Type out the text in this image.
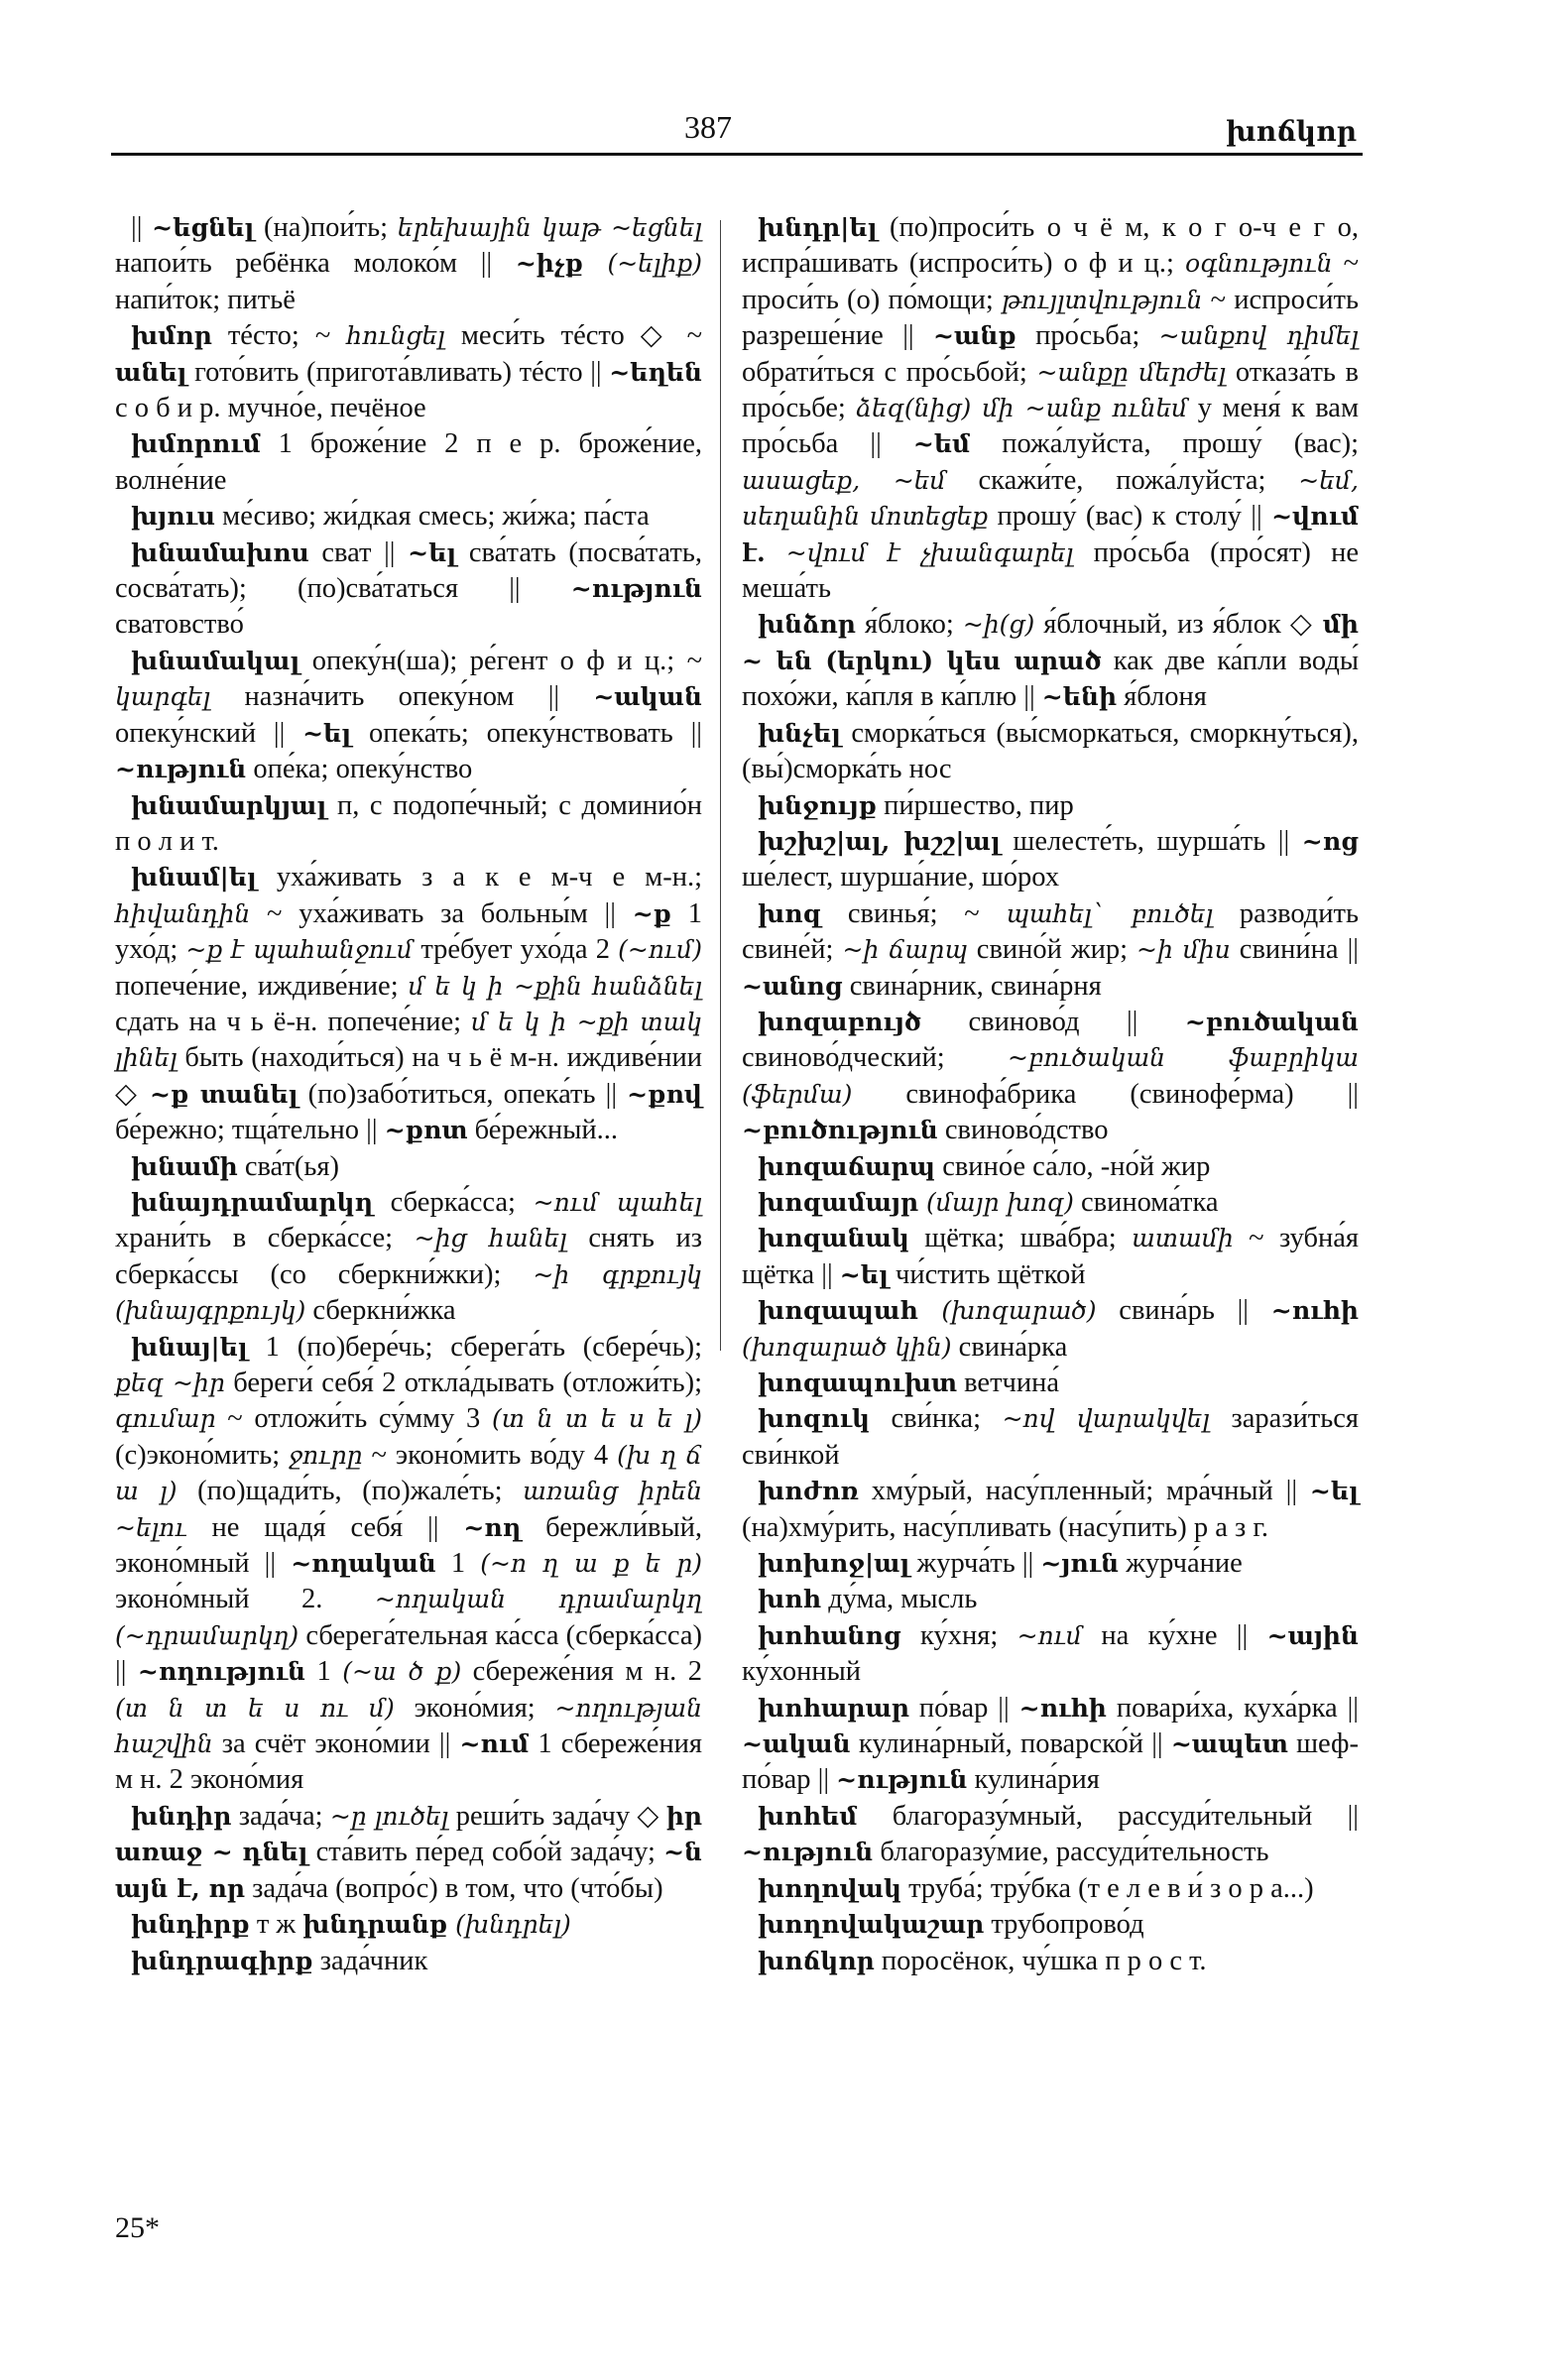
387	խոճկոր

|| ~եցնել (на)пои́ть; երեխային կաթ ~եցնել напои́ть ребёнка молоко́м || ~իչք (~ելիք) напи́ток; питьё

խմոր тéсто; ~ հունցել меси́ть тéсто ◇ ~ անել гото́вить (пригота́вливать) тéсто || ~եղեն с о б и р. мучно́е, печёное

խմորում 1 броже́ние 2 п е р. броже́ние, волне́ние

խյուս ме́сиво; жи́дкая смесь; жи́жа; па́ста

խնամախոս сват || ~ել сва́тать (посва́тать, сосва́тать); (по)сва́таться || ~ություն сватовство́

խնամակալ опеку́н(ша); ре́гент о ф и ц.; ~ կարգել назна́чить опеку́ном || ~ական опеку́нский || ~ել опека́ть; опеку́нствовать || ~ություն опе́ка; опеку́нство

խնամարկյալ п, с подопе́чный; с доминио́н п о л и т.

խնամ|ել уха́живать з а к е м-ч е м-н.; հիվանդին ~ уха́живать за больны́м || ~ք 1 ухо́д; ~ք է պահանջում тре́бует ухо́да 2 (~ում) попече́ние, иждиве́ние; մ ե կ ի ~քին հանձնել сдать на ч ь ё-н. попече́ние; մ ե կ ի ~քի տակ լինել быть (находи́ться) на ч ь ё м-н. иждиве́нии ◇ ~ք տանել (по)забо́титься, опека́ть || ~քով бе́режно; тща́тельно || ~քոտ бе́режный...

խնամի сва́т(ья)

խնայդրամարկղ сберка́сса; ~ում պահել храни́ть в сберка́ссе; ~ից հանել снять из сберка́ссы (со сберкни́жки); ~ի գրքույկ (խնայգրքույկ) сберкни́жка

խնայ|ել 1 (по)бере́чь; сберега́ть (сбере́чь); քեզ ~իր береги́ себя́ 2 откла́дывать (отложи́ть); գումար ~ отложи́ть су́мму 3 (տ ն տ ե ս ե լ) (с)эконо́мить; ջուրը ~ эконо́мить во́ду 4 (խ ղ ճ ա լ) (по)щади́ть, (по)жале́ть; առանց իրեն ~ելու не щадя́ себя́ || ~ող бережли́вый, эконо́мный || ~ողական 1 (~ո ղ ա ք ե ր) эконо́мный 2. ~ողական դրամարկղ (~դրամարկղ) сберега́тельная ка́сса (сберка́сса) || ~ողություն 1 (~ա ծ ք) сбереже́ния м н. 2 (տ ն տ ե ս ու մ) эконо́мия; ~ողության հաշվին за счёт эконо́мии || ~ում 1 сбереже́ния м н. 2 эконо́мия

խնդիր зада́ча; ~ը լուծել реши́ть зада́чу ◇ իր առաջ ~ դնել ста́вить пе́ред собо́й зада́чу; ~ն այն է, որ зада́ча (вопро́с) в том, что (что́бы)

խնդիրք т ж խնդրանք (խնդրել)

խնդրագիրք зада́чник

խնդր|ել (по)проси́ть о ч ё м, к о г о-ч е г о, испра́шивать (испроси́ть) о ф и ц.; օգնություն ~ проси́ть (о) по́мощи; թույլտվություն ~ испроси́ть разреше́ние || ~անք про́сьба; ~անքով դիմել обрати́ться с про́сьбой; ~անքը մերժել отказа́ть в про́сьбе; ձեզ(նից) մի ~անք ունեմ у меня́ к вам про́сьба || ~եմ пожа́луйста, прошу́ (вас); ասացեք, ~եմ скажи́те, пожа́луйста; ~եմ, սեղանին մոտեցեք прошу́ (вас) к столу́ || ~վում է. ~վում է չխանգարել про́сьба (про́сят) не меша́ть

խնձոր я́блоко; ~ի(ց) я́блочный, из я́блок ◇ մի ~ են (երկու) կես արած как две ка́пли воды́ похо́жи, ка́пля в ка́плю || ~ենի я́блоня

խնչել сморка́ться (вы́сморкаться, сморкну́ться), (вы́)сморка́ть нос

խնջույք пи́ршество, пир

խշխշ|ալ, խշշ|ալ шелесте́ть, шурша́ть || ~ոց ше́лест, шурша́ние, шо́рох

խոզ свинья́; ~ պահել` բուծել разводи́ть свине́й; ~ի ճարպ свино́й жир; ~ի միս свини́на || ~անոց свина́рник, свина́рня

խոզաբույծ свиново́д || ~բուծական свиново́дческий; ~բուծական ֆաբրիկա (ֆերմա) свинофа́брика (свинофе́рма) || ~բուծություն свиново́дство

խոզաճարպ свино́е са́ло, -но́й жир

խոզամայր (մայր խոզ) свинома́тка

խոզանակ щётка; шва́бра; ատամի ~ зубна́я щётка || ~ել чи́стить щёткой

խոզապահ (խոզարած) свина́рь || ~ուհի (խոզարած կին) свина́рка

խոզապուխտ ветчина́

խոզուկ сви́нка; ~ով վարակվել зарази́ться сви́нкой

խոժոռ хму́рый, насу́пленный; мра́чный || ~ել (на)хму́рить, насу́пливать (насу́пить) р а з г.

խոխոջ|ալ журча́ть || ~յուն журча́ние

խոհ ду́ма, мысль

խոհանոց ку́хня; ~ում на ку́хне || ~ային ку́хонный

խոհարար по́вар || ~ուհի повари́ха, куха́рка || ~ական кулина́рный, поварско́й || ~ապետ шеф-по́вар || ~ություն кулина́рия

խոհեմ благоразу́мный, рассуди́тельный || ~ություն благоразу́мие, рассуди́тельность

խողովակ труба́; тру́бка (т е л е в и́ з о р а...)

խողովակաշար трубопрово́д

խոճկոր поросёнок, чу́шка п р о с т.

25*
